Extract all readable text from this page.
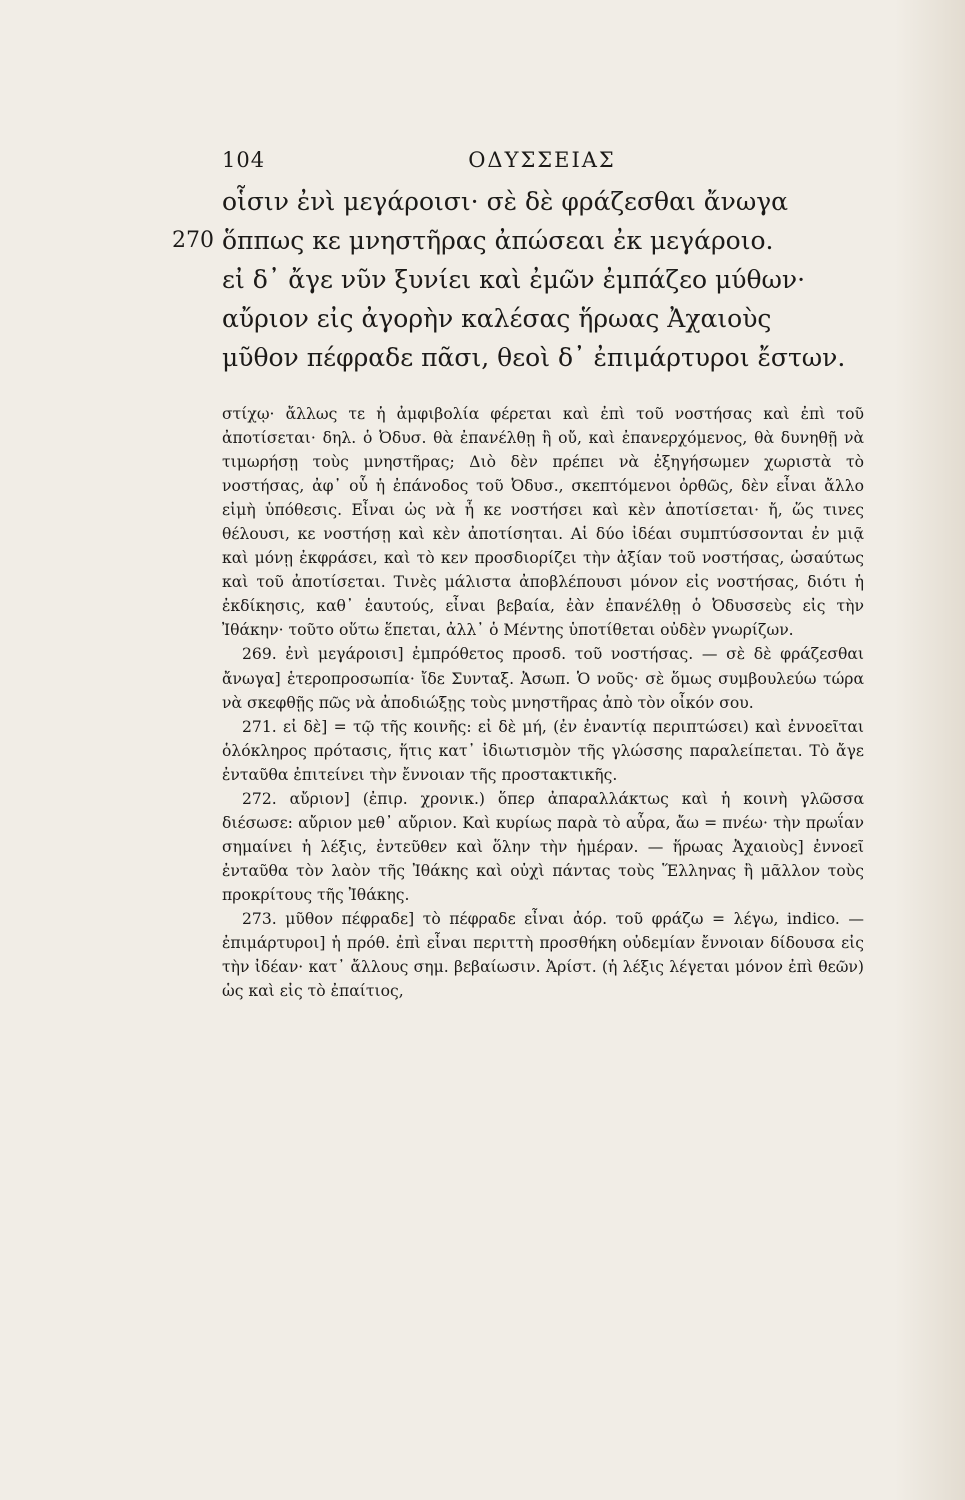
104	ΟΔΥΣΣΕΙΑΣ
οἷσιν ἐνὶ μεγάροισι· σὲ δὲ φράζεσθαι ἄνωγα
270 ὅππως κε μνηστῆρας ἀπώσεαι ἐκ μεγάροιο.
εἰ δ᾽ ἄγε νῦν ξυνίει καὶ ἐμῶν ἐμπάζεο μύθων·
αὔριον εἰς ἀγορὴν καλέσας ἥρωας Ἀχαιοὺς
μῦθον πέφραδε πᾶσι, θεοὶ δ᾽ ἐπιμάρτυροι ἔστων.

στίχῳ· ἄλλως τε ἡ ἀμφιβολία φέρεται καὶ ἐπὶ τοῦ νοστήσας καὶ ἐπὶ τοῦ ἀποτίσεται· δηλ. ὁ Ὀδυσ. θὰ ἐπανέλθῃ ἢ οὔ, καὶ ἐπανερχόμενος, θὰ δυνηθῇ νὰ τιμωρήσῃ τοὺς μνηστῆρας; Διὸ δὲν πρέπει νὰ ἐξηγήσωμεν χωριστὰ τὸ νοστήσας, ἀφ᾽ οὗ ἡ ἐπάνοδος τοῦ Ὀδυσ., σκεπτόμενοι ὀρθῶς, δὲν εἶναι ἄλλο εἰμὴ ὑπόθεσις. Εἶναι ὡς νὰ ἦ κε νοστήσει καὶ κὲν ἀποτίσεται· ἤ, ὥς τινες θέλουσι, κε νοστήσῃ καὶ κὲν ἀποτίσηται. Αἱ δύο ἰδέαι συμπτύσσονται ἐν μιᾷ καὶ μόνῃ ἐκφράσει, καὶ τὸ κεν προσδιορίζει τὴν ἀξίαν τοῦ νοστήσας, ὡσαύτως καὶ τοῦ ἀποτίσεται. Τινὲς μάλιστα ἀποβλέπουσι μόνον εἰς νοστήσας, διότι ἡ ἐκδίκησις, καθ᾽ ἑαυτούς, εἶναι βεβαία, ἐὰν ἐπανέλθῃ ὁ Ὀδυσσεὺς εἰς τὴν Ἰθάκην· τοῦτο οὕτω ἕπεται, ἀλλ᾽ ὁ Μέντης ὑποτίθεται οὐδὲν γνωρίζων.

269. ἐνὶ μεγάροισι] ἐμπρόθετος προσδ. τοῦ νοστήσας. — σὲ δὲ φράζεσθαι ἄνωγα] ἑτεροπροσωπία· ἴδε Συνταξ. Ἀσωπ. Ὁ νοῦς· σὲ ὅμως συμβουλεύω τώρα νὰ σκεφθῇς πῶς νὰ ἀποδιώξῃς τοὺς μνηστῆρας ἀπὸ τὸν οἶκόν σου.

271. εἰ δὲ] = τῷ τῆς κοινῆς: εἰ δὲ μή, (ἐν ἐναντίᾳ περιπτώσει) καὶ ἐννοεῖται ὁλόκληρος πρότασις, ἥτις κατ᾽ ἰδιωτισμὸν τῆς γλώσσης παραλείπεται. Τὸ ἄγε ἐνταῦθα ἐπιτείνει τὴν ἔννοιαν τῆς προστακτικῆς.

272. αὔριον] (ἐπιρ. χρονικ.) ὅπερ ἀπαραλλάκτως καὶ ἡ κοινὴ γλῶσσα διέσωσε: αὔριον μεθ᾽ αὔριον. Καὶ κυρίως παρὰ τὸ αὖρα, ἄω = πνέω· τὴν πρωΐαν σημαίνει ἡ λέξις, ἐντεῦθεν καὶ ὅλην τὴν ἡμέραν. — ἥρωας Ἀχαιοὺς] ἐννοεῖ ἐνταῦθα τὸν λαὸν τῆς Ἰθάκης καὶ οὐχὶ πάντας τοὺς Ἕλληνας ἢ μᾶλλον τοὺς προκρίτους τῆς Ἰθάκης.

273. μῦθον πέφραδε] τὸ πέφραδε εἶναι ἀόρ. τοῦ φράζω = λέγω, indico. — ἐπιμάρτυροι] ἡ πρόθ. ἐπὶ εἶναι περιττὴ προσθήκη οὐδεμίαν ἔννοιαν δίδουσα εἰς τὴν ἰδέαν· κατ᾽ ἄλλους σημ. βεβαίωσιν. Ἀρίστ. (ἡ λέξις λέγεται μόνον ἐπὶ θεῶν) ὡς καὶ εἰς τὸ ἐπαίτιος,
